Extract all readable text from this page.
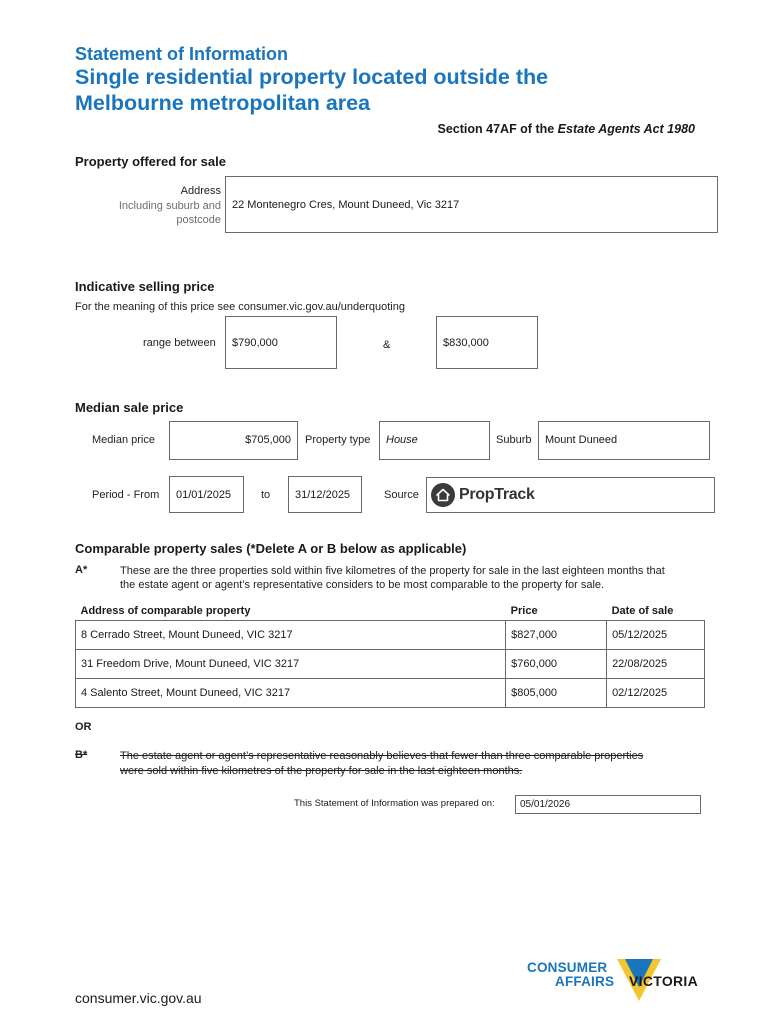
Statement of Information
Single residential property located outside the
Melbourne metropolitan area
Section 47AF of the Estate Agents Act 1980
Property offered for sale
Address
Including suburb and
postcode
22 Montenegro Cres, Mount Duneed, Vic 3217
Indicative selling price
For the meaning of this price see consumer.vic.gov.au/underquoting
range between $790,000	&	$830,000
Median sale price
Median price	$705,000 Property type House	Suburb Mount Duneed
Period - From 01/01/2025	to 31/12/2025	Source	PropTrack
Comparable property sales (*Delete A or B below as applicable)
A*	These are the three properties sold within five kilometres of the property for sale in the last eighteen months that
the estate agent or agent’s representative considers to be most comparable to the property for sale.
Address of comparable property	Price	Date of sale
8 Cerrado Street, Mount Duneed, VIC 3217	$827,000	05/12/2025
31 Freedom Drive, Mount Duneed, VIC 3217	$760,000	22/08/2025
4 Salento Street, Mount Duneed, VIC 3217	$805,000	02/12/2025
OR
B*	The estate agent or agent’s representative reasonably believes that fewer than three comparable properties
were sold within five kilometres of the property for sale in the last eighteen months.
This Statement of Information was prepared on:	05/01/2026
consumer.vic.gov.au
CONSUMER
AFFAIRS VICTORIA
